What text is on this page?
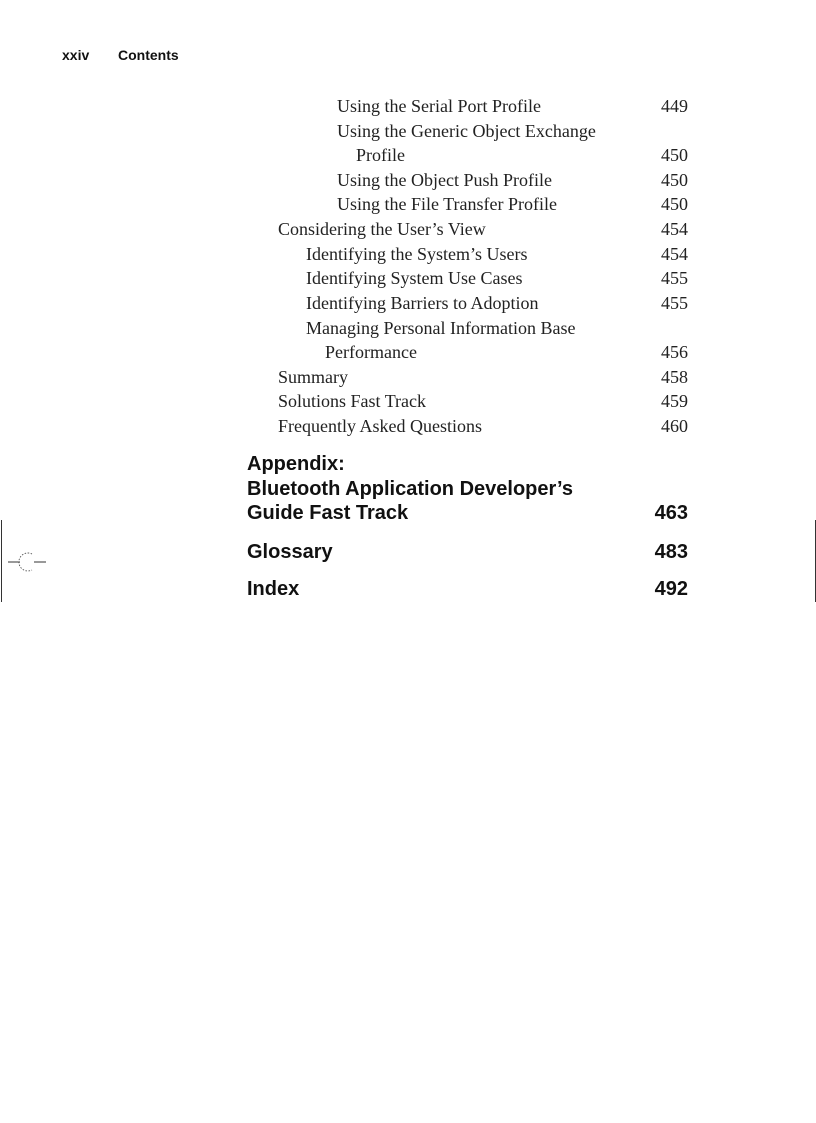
xxiv Contents
Using the Serial Port Profile	449
Using the Generic Object Exchange
Profile	450
Using the Object Push Profile	450
Using the File Transfer Profile	450
Considering the User’s View	454
Identifying the System’s Users	454
Identifying System Use Cases	455
Identifying Barriers to Adoption	455
Managing Personal Information Base
Performance	456
Summary	458
Solutions Fast Track	459
Frequently Asked Questions	460
Appendix:
Bluetooth Application Developer’s
Guide Fast Track	463
Glossary	483
Index	492
